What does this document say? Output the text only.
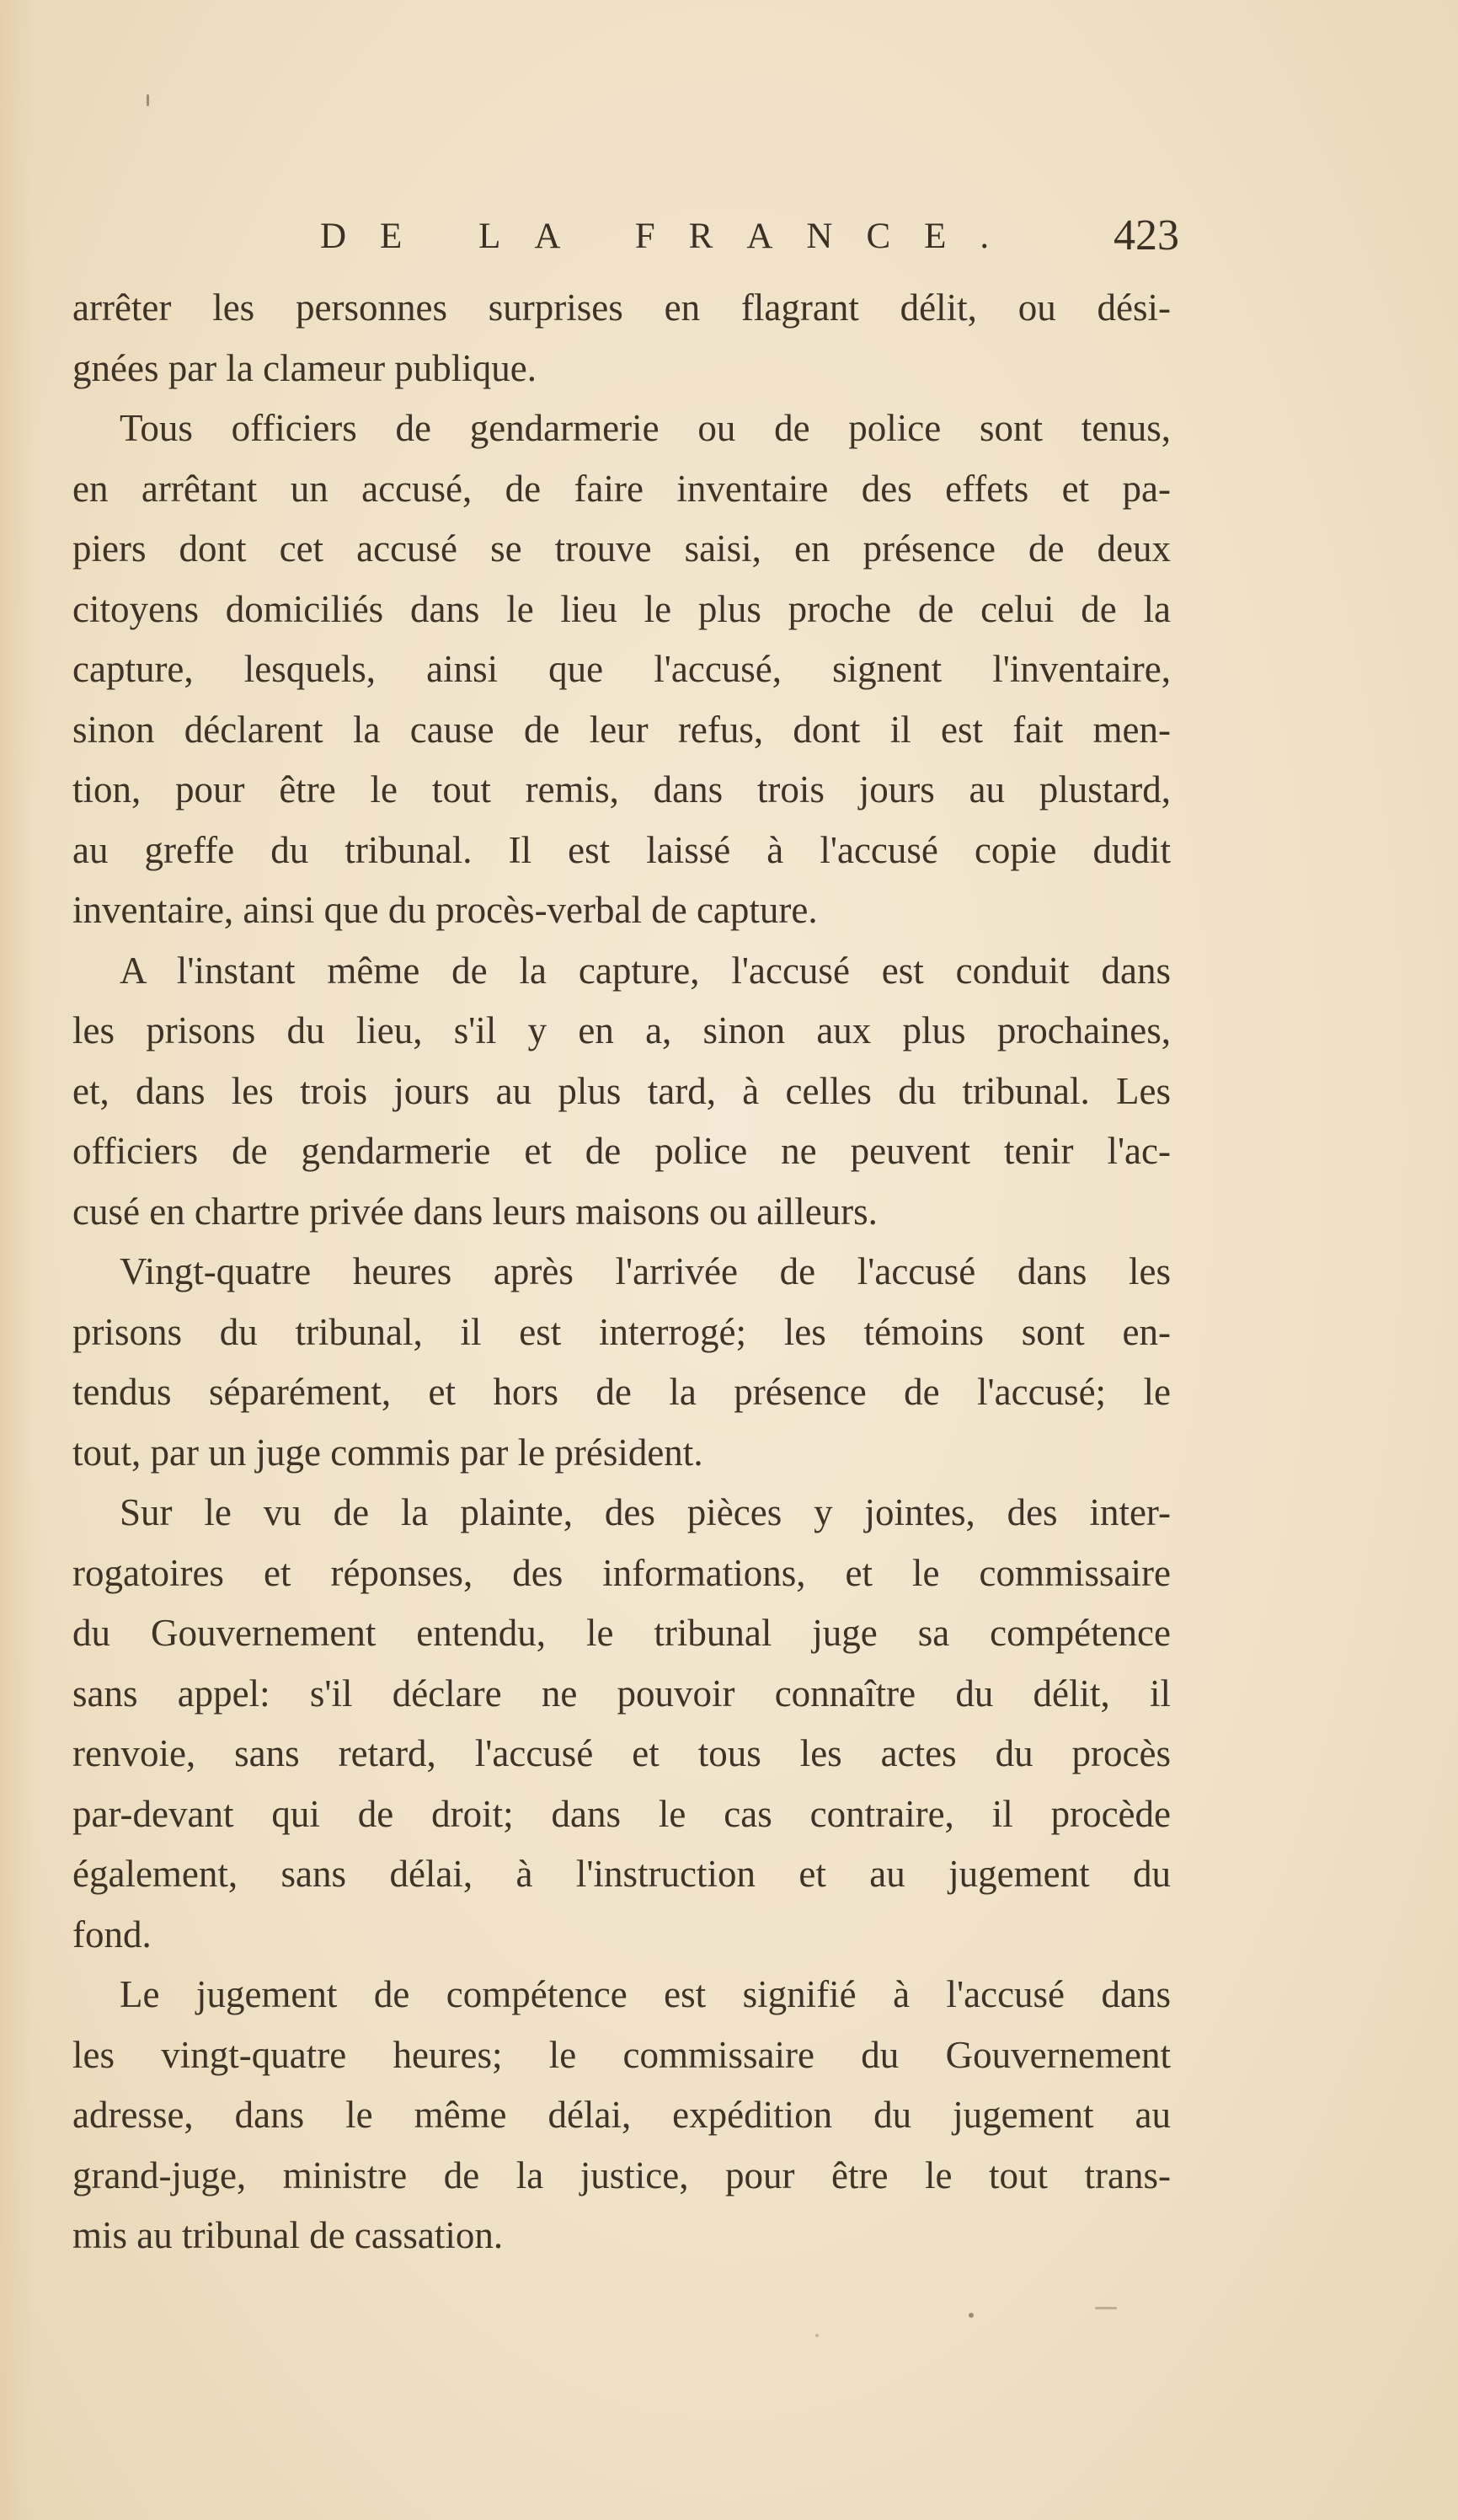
DE LA FRANCE. 423
arrêter les personnes surprises en flagrant délit, ou dési-
gnées par la clameur publique.
Tous officiers de gendarmerie ou de police sont tenus,
en arrêtant un accusé, de faire inventaire des effets et pa-
piers dont cet accusé se trouve saisi, en présence de deux
citoyens domiciliés dans le lieu le plus proche de celui de la
capture, lesquels, ainsi que l'accusé, signent l'inventaire,
sinon déclarent la cause de leur refus, dont il est fait men-
tion, pour être le tout remis, dans trois jours au plustard,
au greffe du tribunal. Il est laissé à l'accusé copie dudit
inventaire, ainsi que du procès-verbal de capture.
A l'instant même de la capture, l'accusé est conduit dans
les prisons du lieu, s'il y en a, sinon aux plus prochaines,
et, dans les trois jours au plus tard, à celles du tribunal. Les
officiers de gendarmerie et de police ne peuvent tenir l'ac-
cusé en chartre privée dans leurs maisons ou ailleurs.
Vingt-quatre heures après l'arrivée de l'accusé dans les
prisons du tribunal, il est interrogé; les témoins sont en-
tendus séparément, et hors de la présence de l'accusé; le
tout, par un juge commis par le président.
Sur le vu de la plainte, des pièces y jointes, des inter-
rogatoires et réponses, des informations, et le commissaire
du Gouvernement entendu, le tribunal juge sa compétence
sans appel: s'il déclare ne pouvoir connaître du délit, il
renvoie, sans retard, l'accusé et tous les actes du procès
par-devant qui de droit; dans le cas contraire, il procède
également, sans délai, à l'instruction et au jugement du
fond.
Le jugement de compétence est signifié à l'accusé dans
les vingt-quatre heures; le commissaire du Gouvernement
adresse, dans le même délai, expédition du jugement au
grand-juge, ministre de la justice, pour être le tout trans-
mis au tribunal de cassation.
